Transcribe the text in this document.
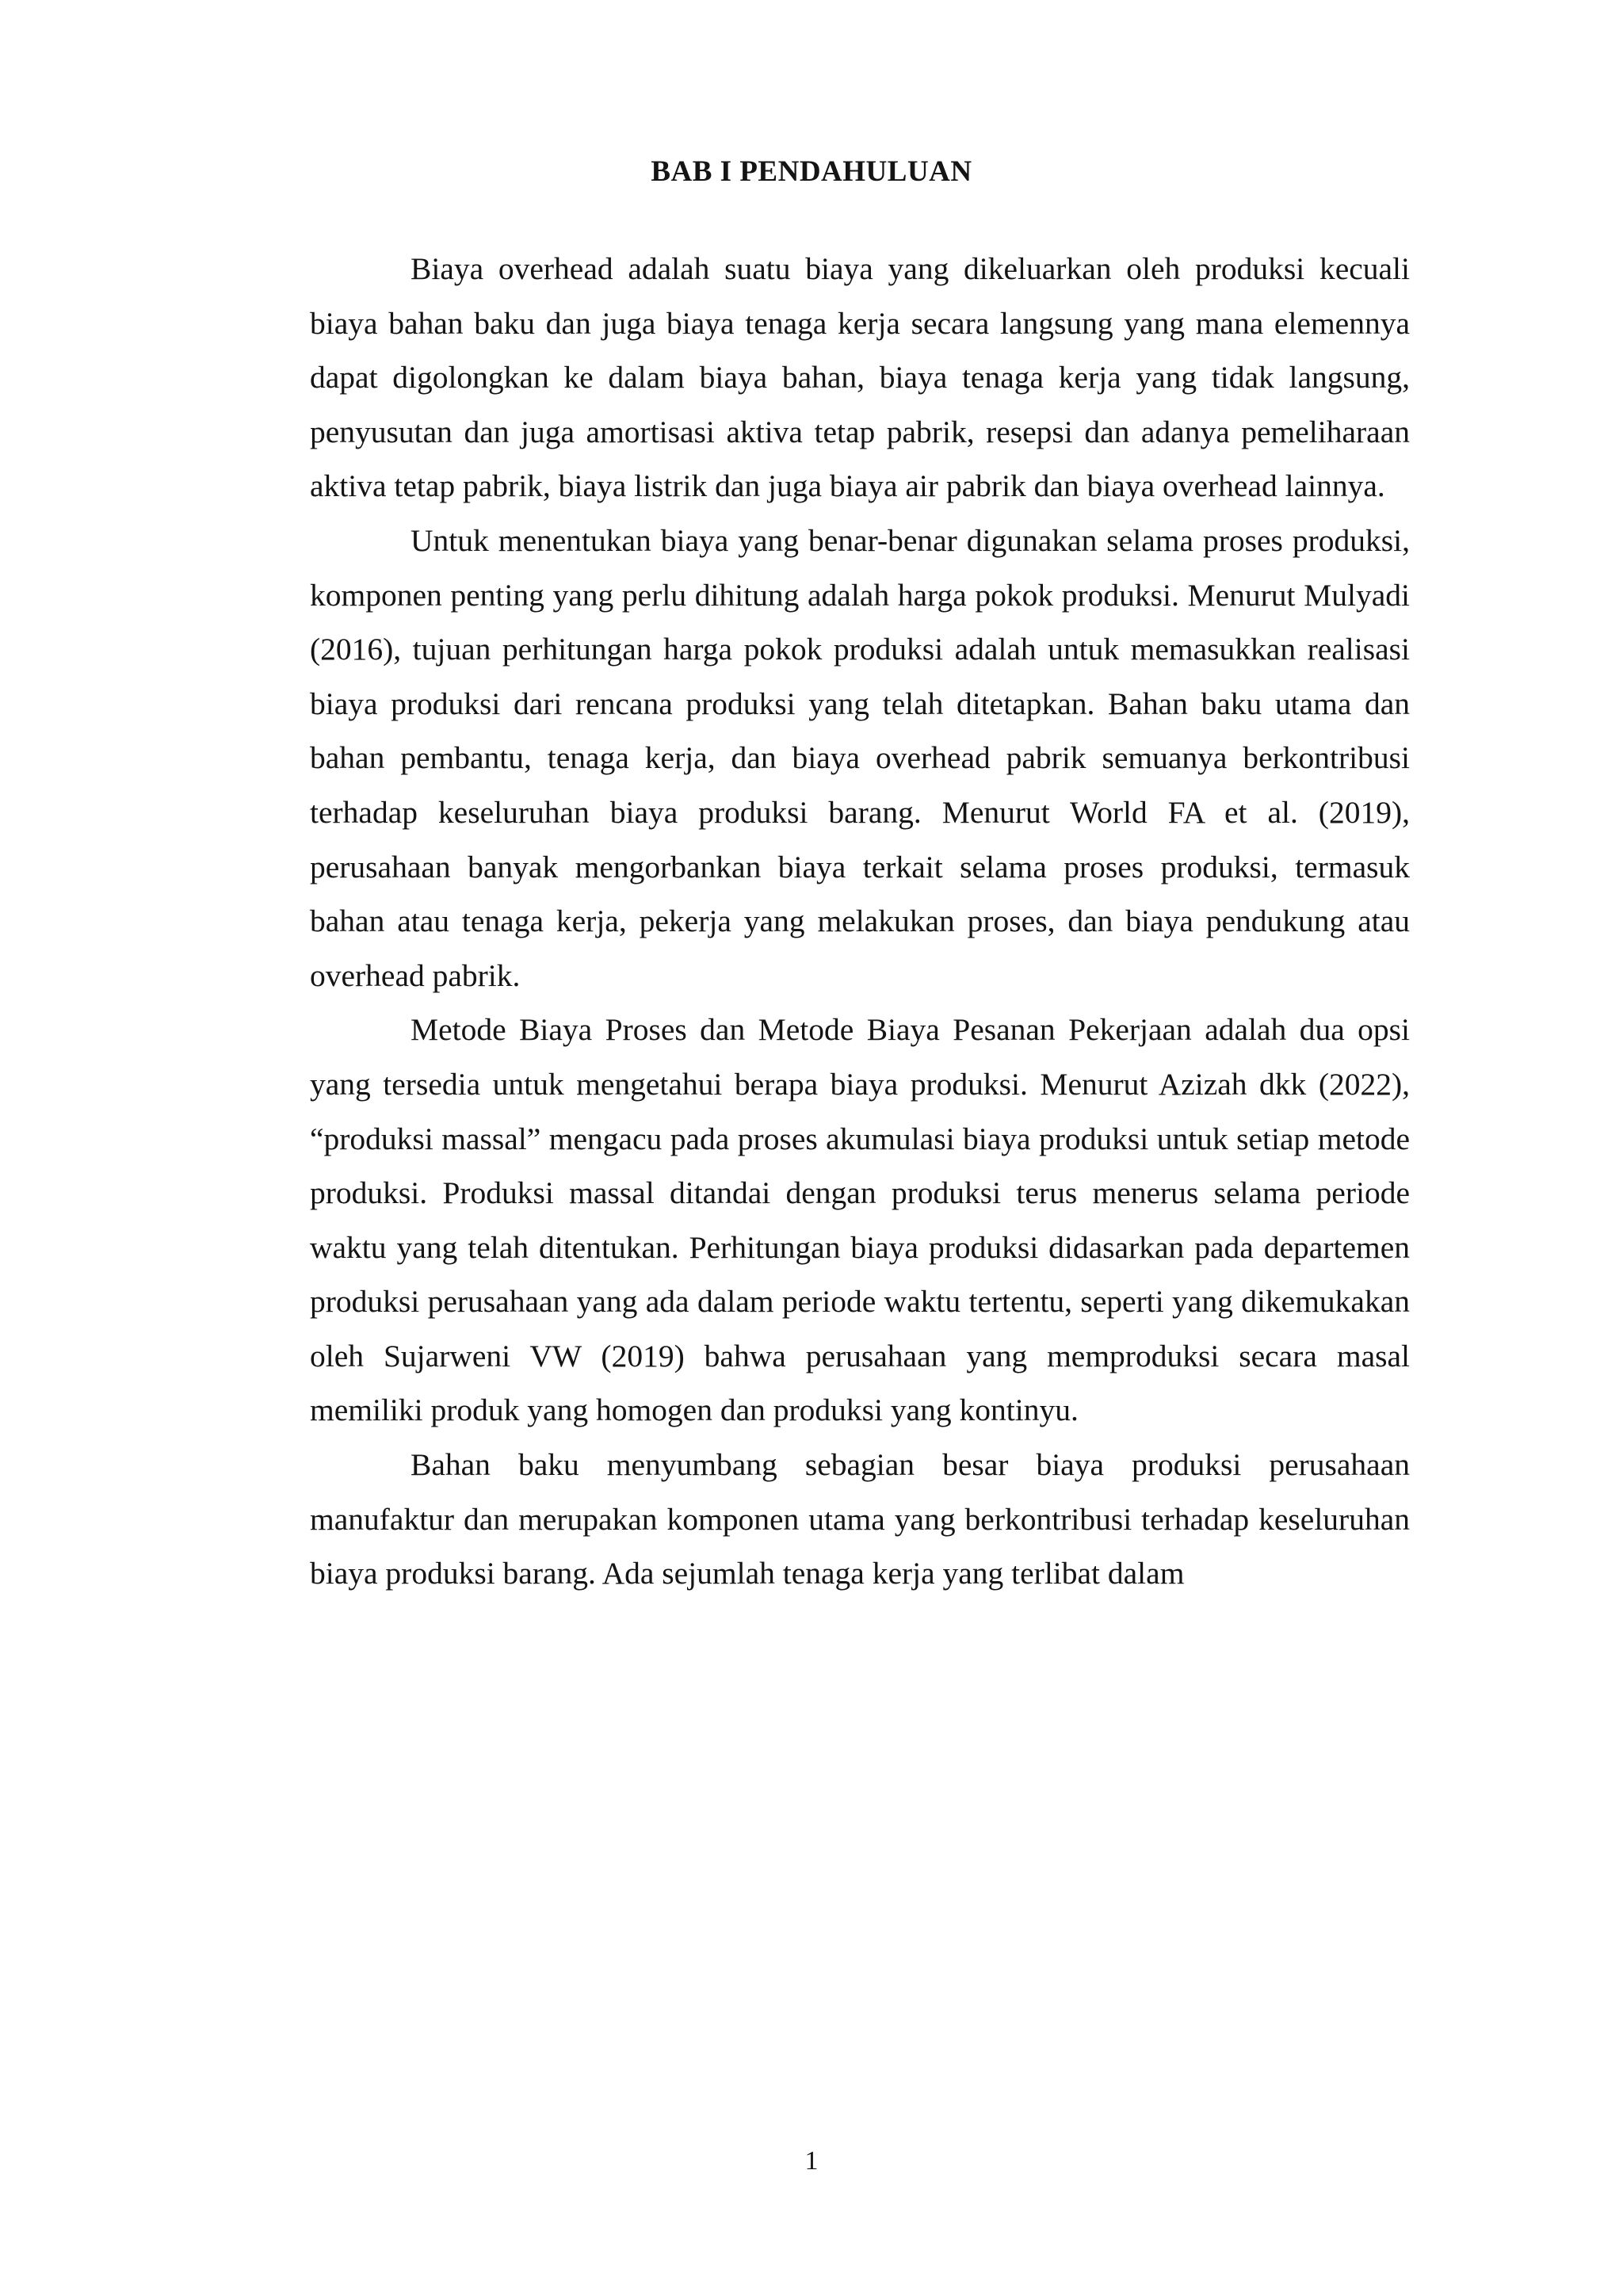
BAB I PENDAHULUAN

Biaya overhead adalah suatu biaya yang dikeluarkan oleh produksi kecuali biaya bahan baku dan juga biaya tenaga kerja secara langsung yang mana elemennya dapat digolongkan ke dalam biaya bahan, biaya tenaga kerja yang tidak langsung, penyusutan dan juga amortisasi aktiva tetap pabrik, resepsi dan adanya pemeliharaan aktiva tetap pabrik, biaya listrik dan juga biaya air pabrik dan biaya overhead lainnya.

Untuk menentukan biaya yang benar-benar digunakan selama proses produksi, komponen penting yang perlu dihitung adalah harga pokok produksi. Menurut Mulyadi (2016), tujuan perhitungan harga pokok produksi adalah untuk memasukkan realisasi biaya produksi dari rencana produksi yang telah ditetapkan. Bahan baku utama dan bahan pembantu, tenaga kerja, dan biaya overhead pabrik semuanya berkontribusi terhadap keseluruhan biaya produksi barang. Menurut World FA et al. (2019), perusahaan banyak mengorbankan biaya terkait selama proses produksi, termasuk bahan atau tenaga kerja, pekerja yang melakukan proses, dan biaya pendukung atau overhead pabrik.

Metode Biaya Proses dan Metode Biaya Pesanan Pekerjaan adalah dua opsi yang tersedia untuk mengetahui berapa biaya produksi. Menurut Azizah dkk (2022), “produksi massal” mengacu pada proses akumulasi biaya produksi untuk setiap metode produksi. Produksi massal ditandai dengan produksi terus menerus selama periode waktu yang telah ditentukan. Perhitungan biaya produksi didasarkan pada departemen produksi perusahaan yang ada dalam periode waktu tertentu, seperti yang dikemukakan oleh Sujarweni VW (2019) bahwa perusahaan yang memproduksi secara masal memiliki produk yang homogen dan produksi yang kontinyu.

Bahan baku menyumbang sebagian besar biaya produksi perusahaan manufaktur dan merupakan komponen utama yang berkontribusi terhadap keseluruhan biaya produksi barang. Ada sejumlah tenaga kerja yang terlibat dalam

1
